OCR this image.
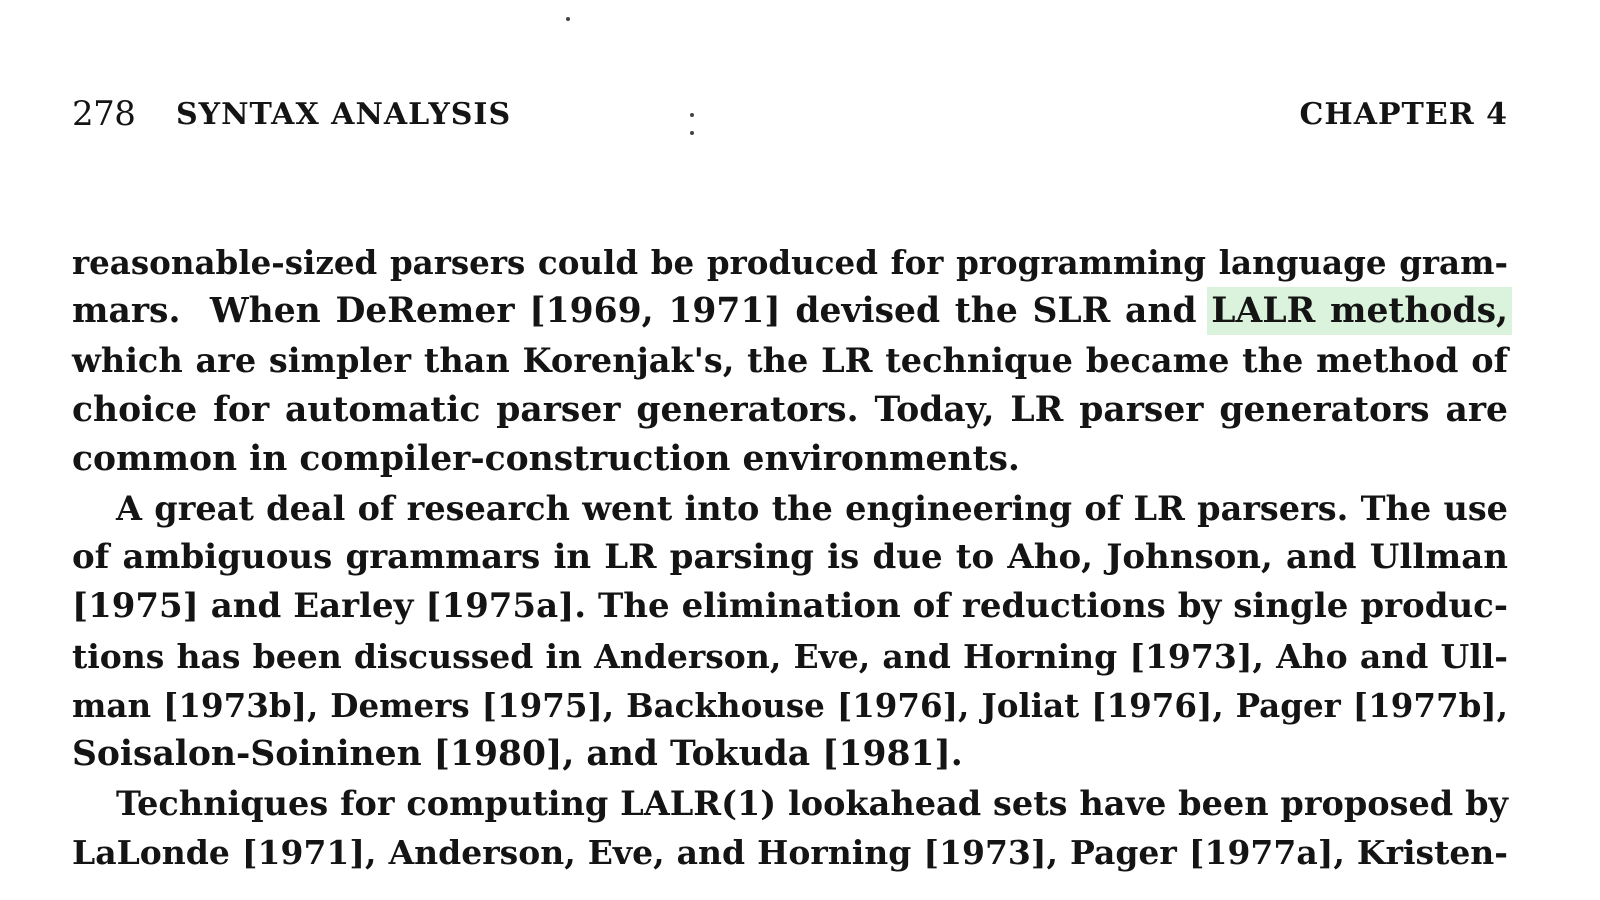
278 SYNTAX ANALYSIS	CHAPTER 4
reasonable-sized parsers could be produced for programming language gram-
mars.  When DeRemer [1969, 1971] devised the SLR and LALR methods,
which are simpler than Korenjak's, the LR technique became the method of
choice for automatic parser generators. Today, LR parser generators are
common in compiler-construction environments.
A great deal of research went into the engineering of LR parsers. The use
of ambiguous grammars in LR parsing is due to Aho, Johnson, and Ullman
[1975] and Earley [1975a]. The elimination of reductions by single produc-
tions has been discussed in Anderson, Eve, and Horning [1973], Aho and Ull-
man [1973b], Demers [1975], Backhouse [1976], Joliat [1976], Pager [1977b],
Soisalon-Soininen [1980], and Tokuda [1981].
Techniques for computing LALR(1) lookahead sets have been proposed by
LaLonde [1971], Anderson, Eve, and Horning [1973], Pager [1977a], Kristen-
